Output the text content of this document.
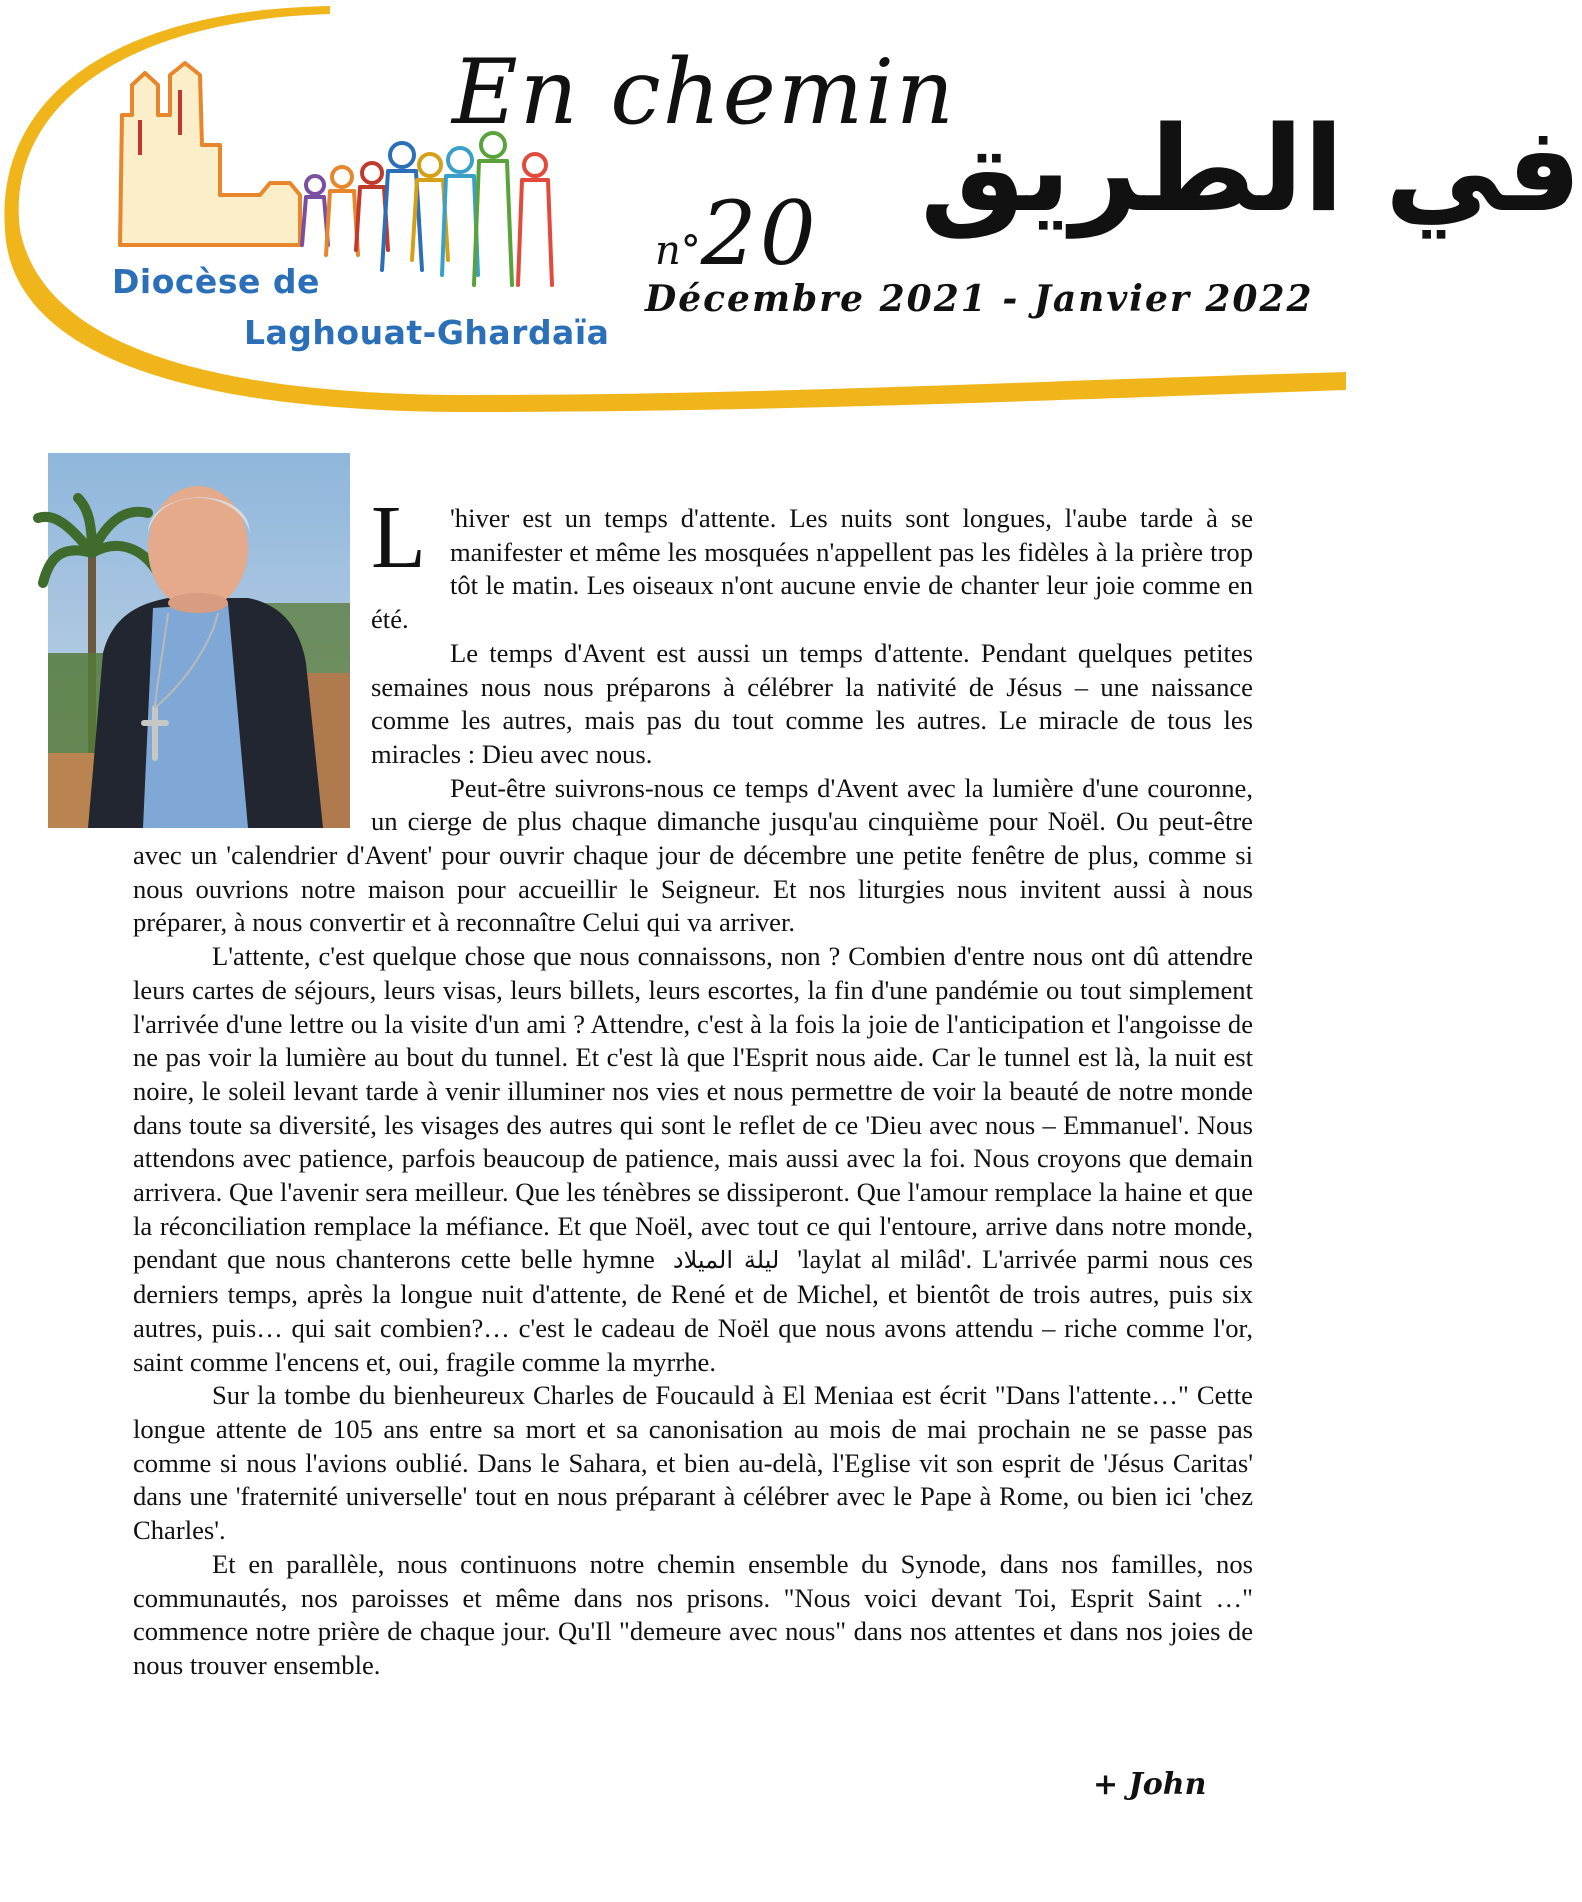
Diocèse de
Laghouat-Ghardaïa
En chemin
في الطريق
n°20
Décembre 2021 - Janvier 2022

L 'hiver est un temps d'attente. Les nuits sont longues, l'aube tarde à se manifester et même les mosquées n'appellent pas les fidèles à la prière trop tôt le matin. Les oiseaux n'ont aucune envie de chanter leur joie comme en été.

Le temps d'Avent est aussi un temps d'attente. Pendant quelques petites semaines nous nous préparons à célébrer la nativité de Jésus – une naissance comme les autres, mais pas du tout comme les autres. Le miracle de tous les miracles : Dieu avec nous.

Peut-être suivrons-nous ce temps d'Avent avec la lumière d'une couronne, un cierge de plus chaque dimanche jusqu'au cinquième pour Noël. Ou peut-être avec un 'calendrier d'Avent' pour ouvrir chaque jour de décembre une petite fenêtre de plus, comme si nous ouvrions notre maison pour accueillir le Seigneur. Et nos liturgies nous invitent aussi à nous préparer, à nous convertir et à reconnaître Celui qui va arriver.

L'attente, c'est quelque chose que nous connaissons, non ? Combien d'entre nous ont dû attendre leurs cartes de séjours, leurs visas, leurs billets, leurs escortes, la fin d'une pandémie ou tout simplement l'arrivée d'une lettre ou la visite d'un ami ? Attendre, c'est à la fois la joie de l'anticipation et l'angoisse de ne pas voir la lumière au bout du tunnel. Et c'est là que l'Esprit nous aide. Car le tunnel est là, la nuit est noire, le soleil levant tarde à venir illuminer nos vies et nous permettre de voir la beauté de notre monde dans toute sa diversité, les visages des autres qui sont le reflet de ce 'Dieu avec nous – Emmanuel'. Nous attendons avec patience, parfois beaucoup de patience, mais aussi avec la foi. Nous croyons que demain arrivera. Que l'avenir sera meilleur. Que les ténèbres se dissiperont. Que l'amour remplace la haine et que la réconciliation remplace la méfiance. Et que Noël, avec tout ce qui l'entoure, arrive dans notre monde, pendant que nous chanterons cette belle hymne ليلة الميلاد 'laylat al milâd'. L'arrivée parmi nous ces derniers temps, après la longue nuit d'attente, de René et de Michel, et bientôt de trois autres, puis six autres, puis… qui sait combien?… c'est le cadeau de Noël que nous avons attendu – riche comme l'or, saint comme l'encens et, oui, fragile comme la myrrhe.

Sur la tombe du bienheureux Charles de Foucauld à El Meniaa est écrit "Dans l'attente…" Cette longue attente de 105 ans entre sa mort et sa canonisation au mois de mai prochain ne se passe pas comme si nous l'avions oublié. Dans le Sahara, et bien au-delà, l'Eglise vit son esprit de 'Jésus Caritas' dans une 'fraternité universelle' tout en nous préparant à célébrer avec le Pape à Rome, ou bien ici 'chez Charles'.

Et en parallèle, nous continuons notre chemin ensemble du Synode, dans nos familles, nos communautés, nos paroisses et même dans nos prisons. "Nous voici devant Toi, Esprit Saint …" commence notre prière de chaque jour. Qu'Il "demeure avec nous" dans nos attentes et dans nos joies de nous trouver ensemble.

+ John
